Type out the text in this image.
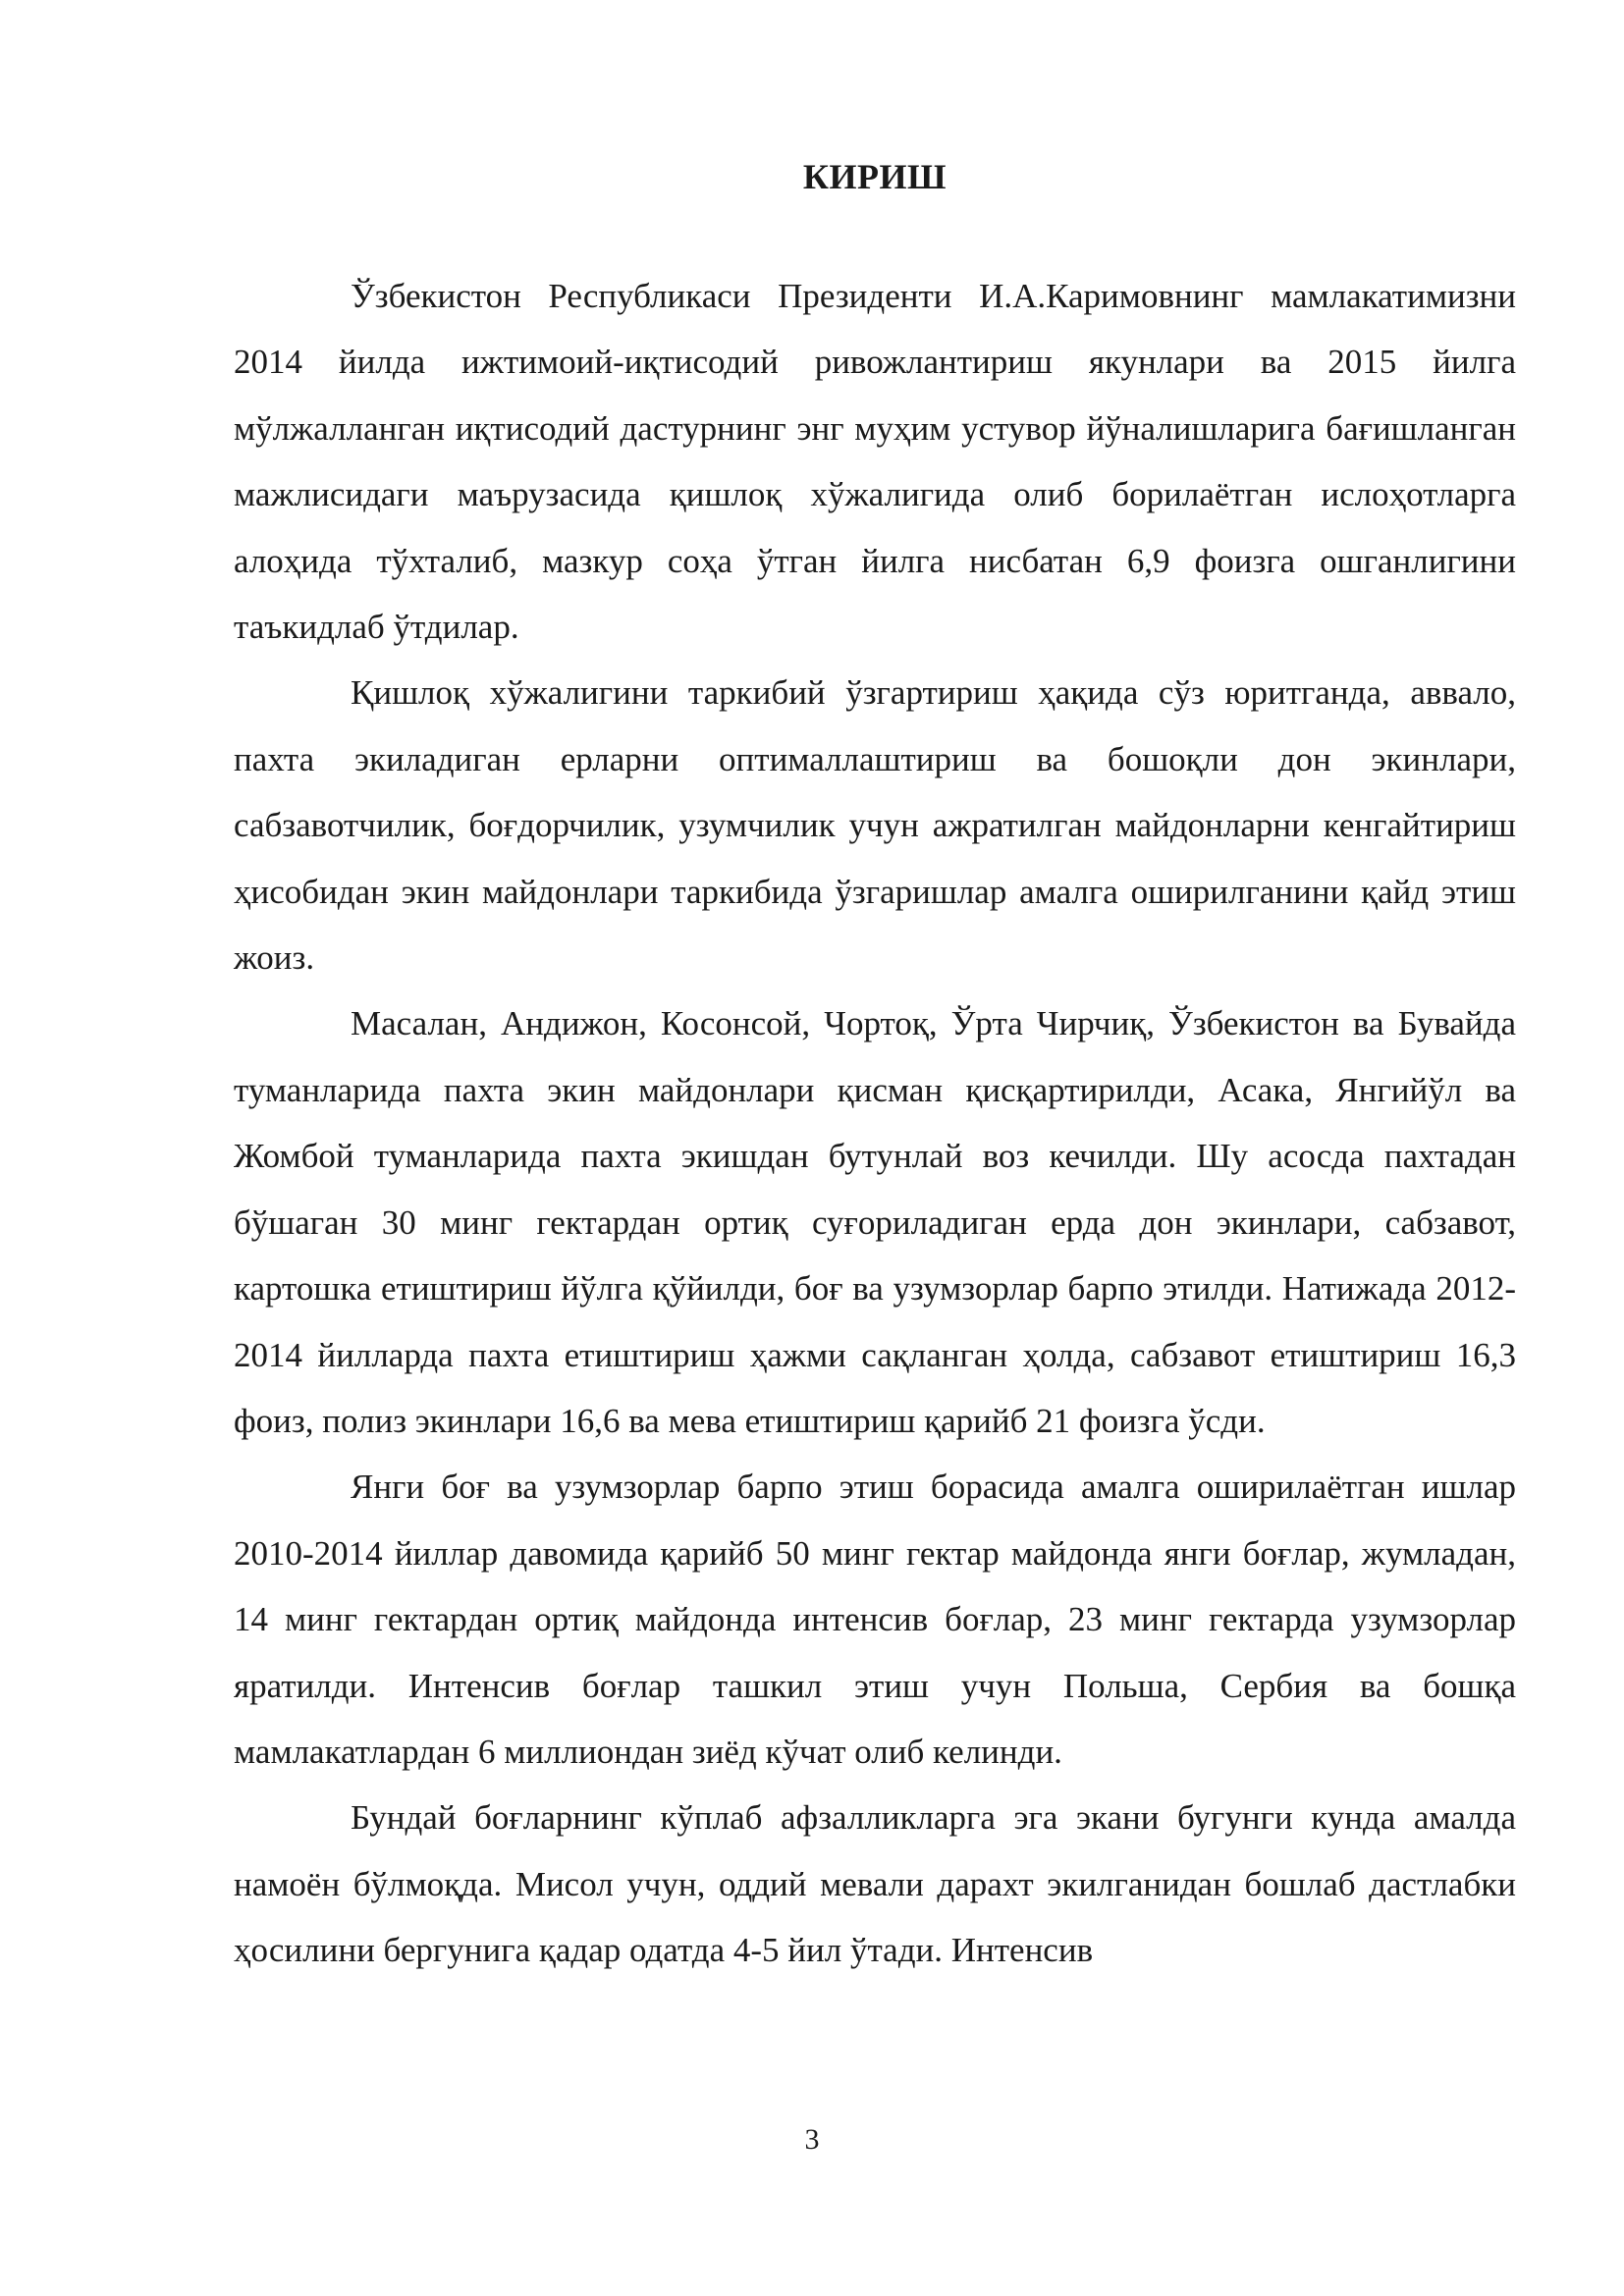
КИРИШ

Ўзбекистон Республикаси Президенти И.А.Каримовнинг мамлакатимизни 2014 йилда ижтимоий-иқтисодий ривожлантириш якунлари ва 2015 йилга мўлжалланган иқтисодий дастурнинг энг муҳим устувор йўналишларига бағишланган мажлисидаги маърузасида қишлоқ хўжалигида олиб борилаётган ислоҳотларга алоҳида тўхталиб, мазкур соҳа ўтган йилга нисбатан 6,9 фоизга ошганлигини таъкидлаб ўтдилар.

Қишлоқ хўжалигини таркибий ўзгартириш ҳақида сўз юритганда, аввало, пахта экиладиган ерларни оптималлаштириш ва бошоқли дон экинлари, сабзавотчилик, боғдорчилик, узумчилик учун ажратилган майдонларни кенгайтириш ҳисобидан экин майдонлари таркибида ўзгаришлар амалга оширилганини қайд этиш жоиз.

Масалан, Андижон, Косонсой, Чортоқ, Ўрта Чирчиқ, Ўзбекистон ва Бувайда туманларида пахта экин майдонлари қисман қисқартирилди, Асака, Янгийўл ва Жомбой туманларида пахта экишдан бутунлай воз кечилди. Шу асосда пахтадан бўшаган 30 минг гектардан ортиқ суғориладиган ерда дон экинлари, сабзавот, картошка етиштириш йўлга қўйилди, боғ ва узумзорлар барпо этилди. Натижада 2012-2014 йилларда пахта етиштириш ҳажми сақланган ҳолда, сабзавот етиштириш 16,3 фоиз, полиз экинлари 16,6 ва мева етиштириш қарийб 21 фоизга ўсди.

Янги боғ ва узумзорлар барпо этиш борасида амалга оширилаётган ишлар 2010-2014 йиллар давомида қарийб 50 минг гектар майдонда янги боғлар, жумладан, 14 минг гектардан ортиқ майдонда интенсив боғлар, 23 минг гектарда узумзорлар яратилди. Интенсив боғлар ташкил этиш учун Польша, Сербия ва бошқа мамлакатлардан 6 миллиондан зиёд кўчат олиб келинди.

Бундай боғларнинг кўплаб афзалликларга эга экани бугунги кунда амалда намоён бўлмоқда. Мисол учун, оддий мевали дарахт экилганидан бошлаб дастлабки ҳосилини бергунига қадар одатда 4-5 йил ўтади. Интенсив

3
